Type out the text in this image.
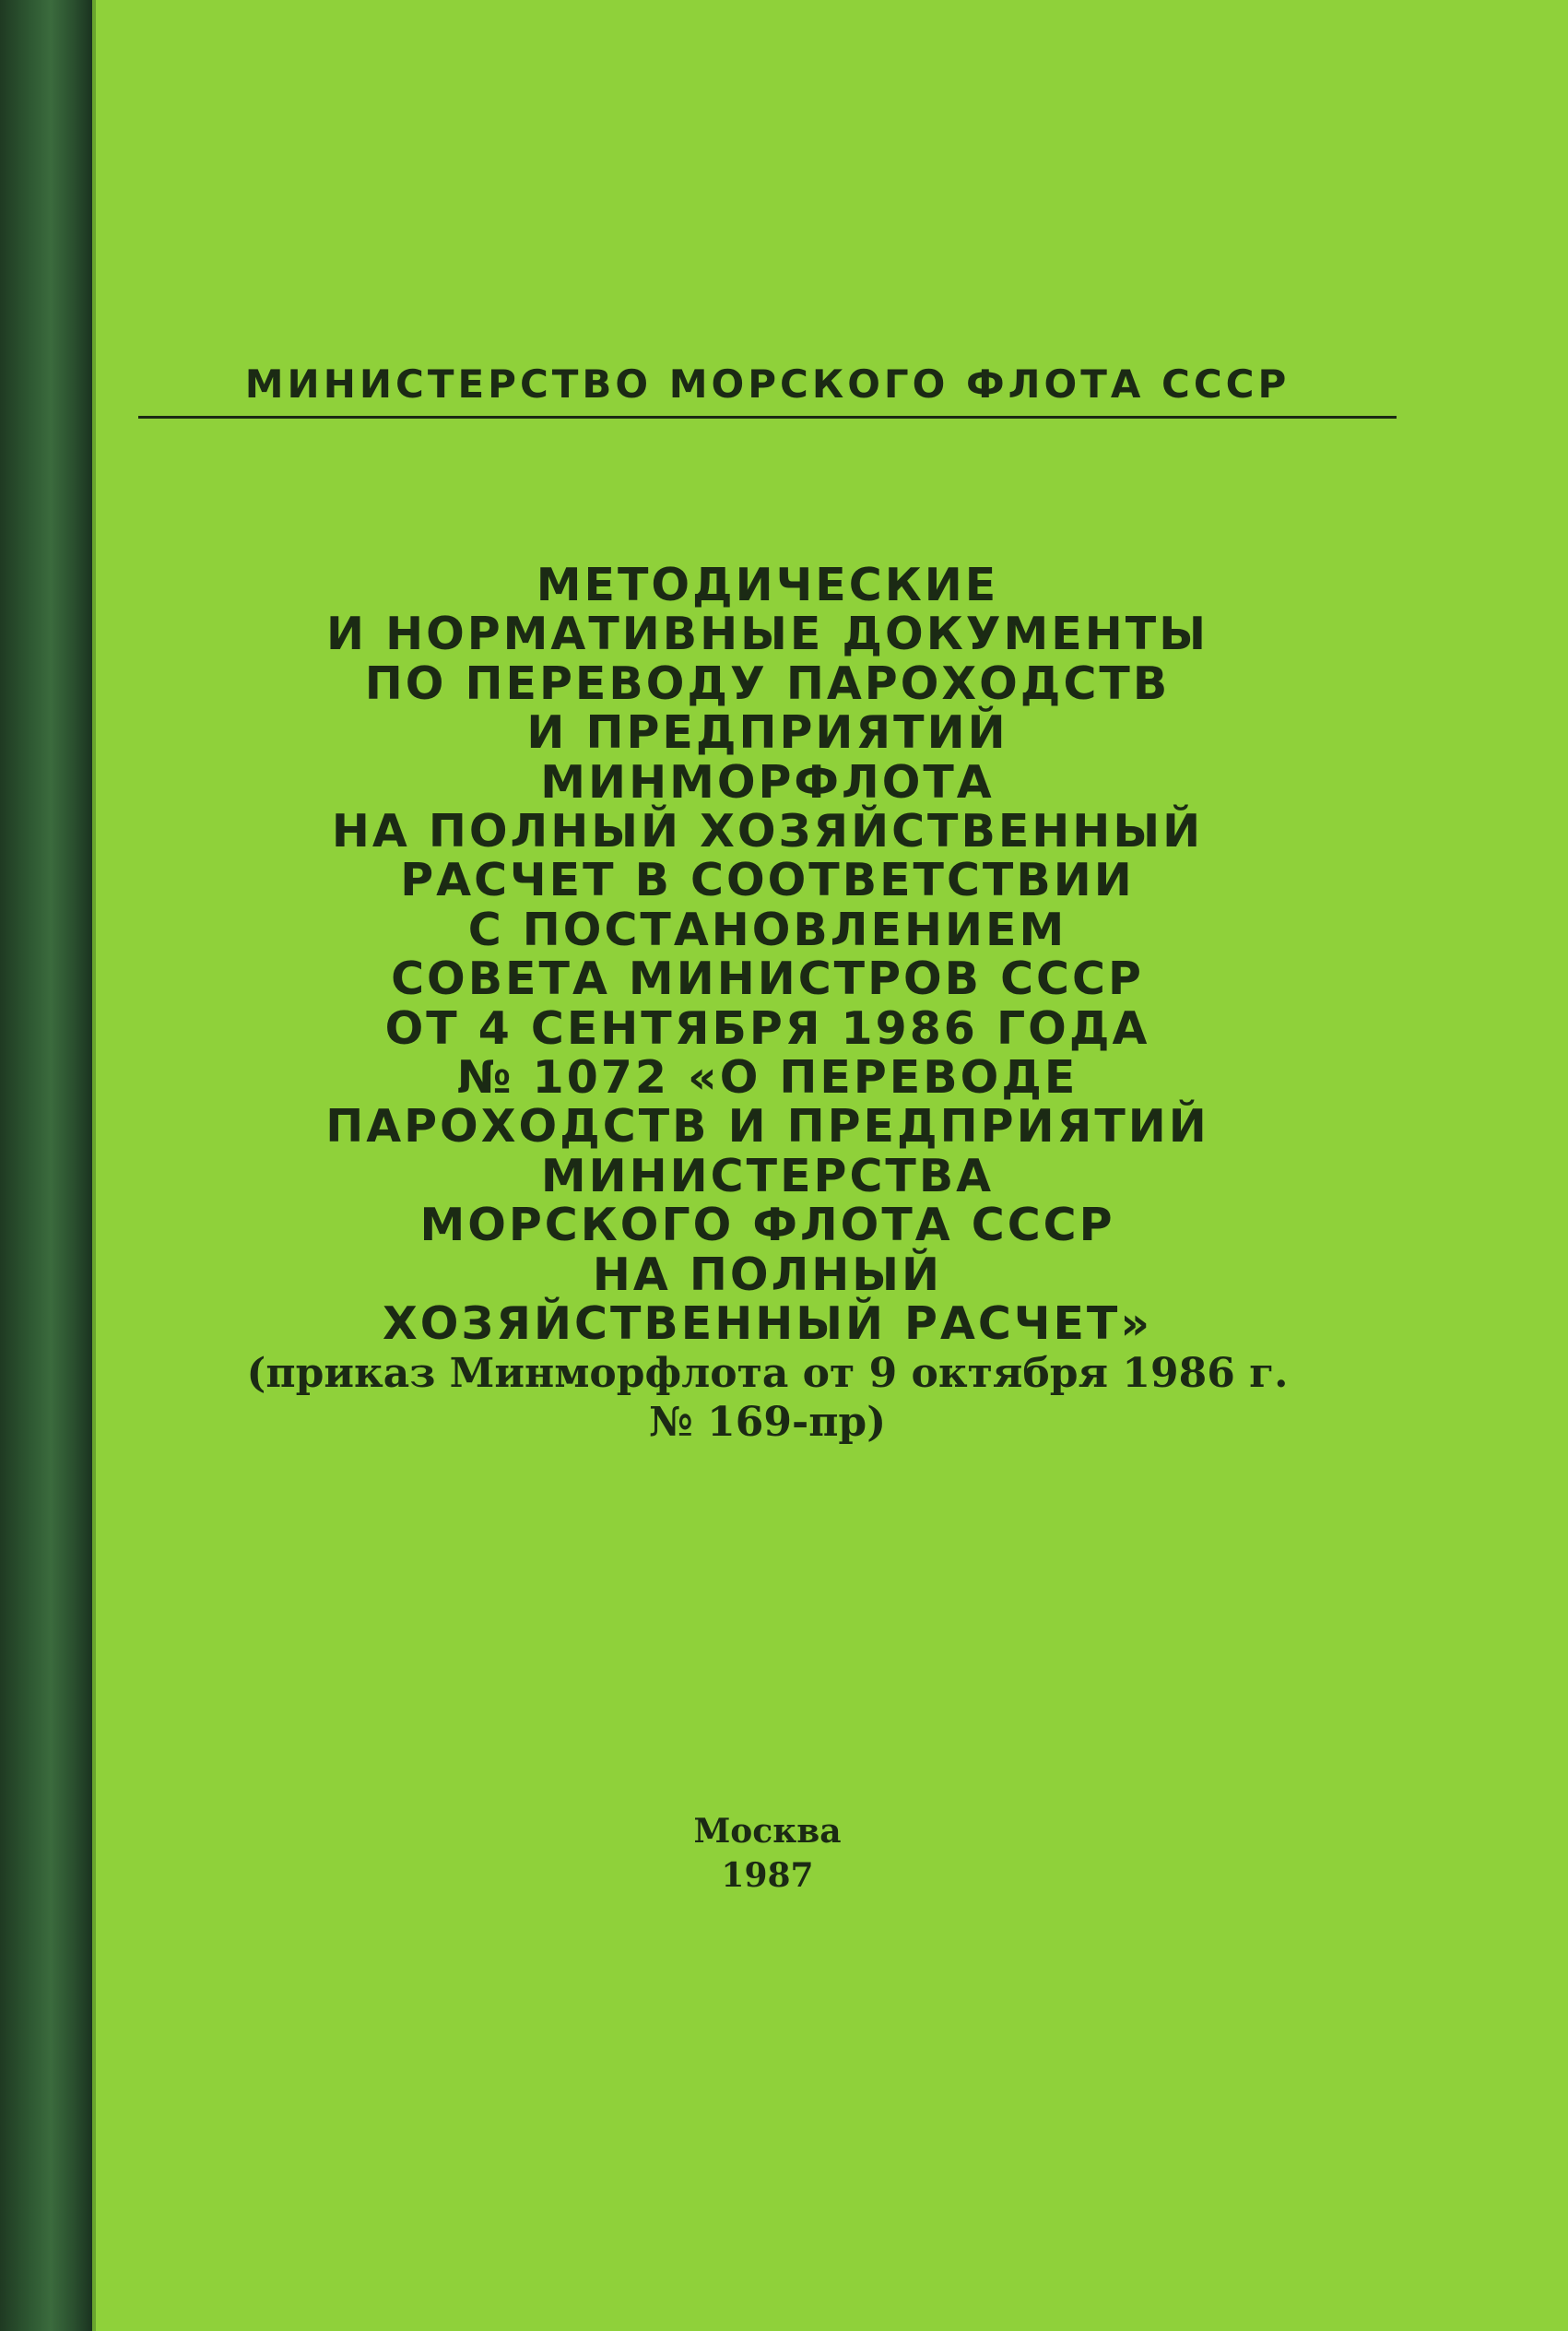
МИНИСТЕРСТВО МОРСКОГО ФЛОТА СССР
МЕТОДИЧЕСКИЕ
И НОРМАТИВНЫЕ ДОКУМЕНТЫ
ПО ПЕРЕВОДУ ПАРОХОДСТВ
И ПРЕДПРИЯТИЙ
МИНМОРФЛОТА
НА ПОЛНЫЙ ХОЗЯЙСТВЕННЫЙ
РАСЧЕТ В СООТВЕТСТВИИ
С ПОСТАНОВЛЕНИЕМ
СОВЕТА МИНИСТРОВ СССР
ОТ 4 СЕНТЯБРЯ 1986 ГОДА
№ 1072 «О ПЕРЕВОДЕ
ПАРОХОДСТВ И ПРЕДПРИЯТИЙ
МИНИСТЕРСТВА
МОРСКОГО ФЛОТА СССР
НА ПОЛНЫЙ
ХОЗЯЙСТВЕННЫЙ РАСЧЕТ»
(приказ Минморфлота от 9 октября 1986 г.
№ 169-пр)
Москва
1987
